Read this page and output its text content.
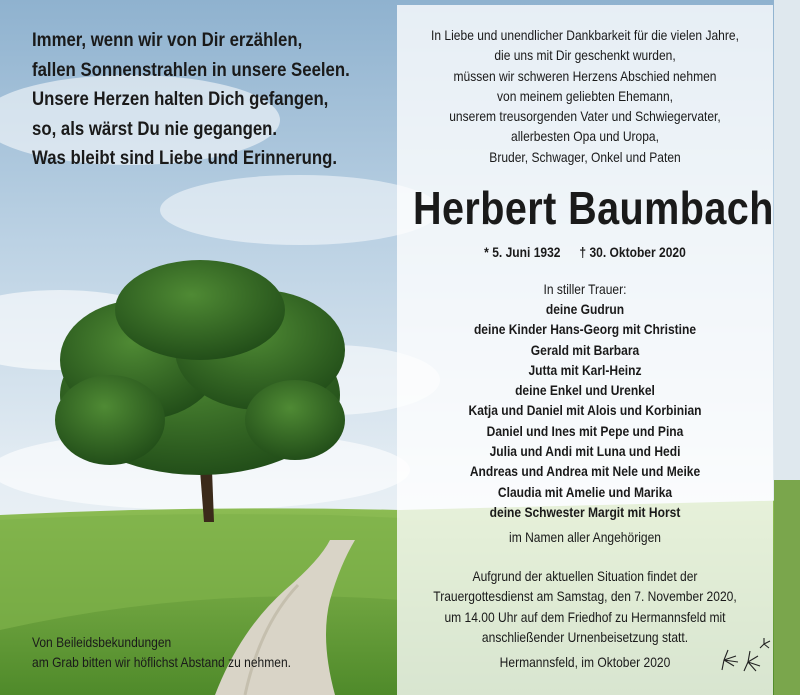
Immer, wenn wir von Dir erzählen,
fallen Sonnenstrahlen in unsere Seelen.
Unsere Herzen halten Dich gefangen,
so, als wärst Du nie gegangen.
Was bleibt sind Liebe und Erinnerung.
In Liebe und unendlicher Dankbarkeit für die vielen Jahre,
die uns mit Dir geschenkt wurden,
müssen wir schweren Herzens Abschied nehmen
von meinem geliebten Ehemann,
unserem treusorgenden Vater und Schwiegervater,
allerbesten Opa und Uropa,
Bruder, Schwager, Onkel und Paten
Herbert Baumbach
* 5. Juni 1932 † 30. Oktober 2020
In stiller Trauer:
deine Gudrun
deine Kinder Hans-Georg mit Christine
Gerald mit Barbara
Jutta mit Karl-Heinz
deine Enkel und Urenkel
Katja und Daniel mit Alois und Korbinian
Daniel und Ines mit Pepe und Pina
Julia und Andi mit Luna und Hedi
Andreas und Andrea mit Nele und Meike
Claudia mit Amelie und Marika
deine Schwester Margit mit Horst
im Namen aller Angehörigen
Aufgrund der aktuellen Situation findet der
Trauergottesdienst am Samstag, den 7. November 2020,
um 14.00 Uhr auf dem Friedhof zu Hermannsfeld mit
anschließender Urnenbeisetzung statt.
Hermannsfeld, im Oktober 2020
Von Beileidsbekundungen
am Grab bitten wir höflichst Abstand zu nehmen.
